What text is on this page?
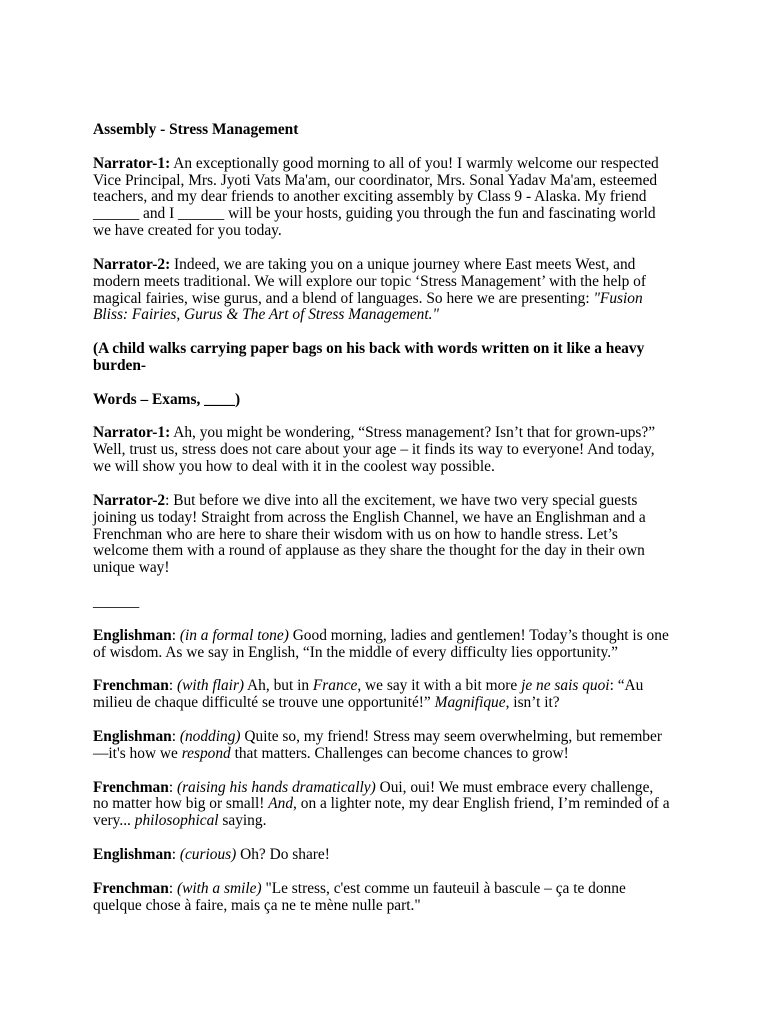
Assembly - Stress Management
Narrator-1: An exceptionally good morning to all of you! I warmly welcome our respected
Vice Principal, Mrs. Jyoti Vats Ma'am, our coordinator, Mrs. Sonal Yadav Ma'am, esteemed
teachers, and my dear friends to another exciting assembly by Class 9 - Alaska. My friend
______ and I ______ will be your hosts, guiding you through the fun and fascinating world
we have created for you today.
Narrator-2: Indeed, we are taking you on a unique journey where East meets West, and
modern meets traditional. We will explore our topic ‘Stress Management’ with the help of
magical fairies, wise gurus, and a blend of languages. So here we are presenting: "Fusion
Bliss: Fairies, Gurus & The Art of Stress Management."
(A child walks carrying paper bags on his back with words written on it like a heavy
burden-
Words – Exams, ____)
Narrator-1: Ah, you might be wondering, “Stress management? Isn’t that for grown-ups?”
Well, trust us, stress does not care about your age – it finds its way to everyone! And today,
we will show you how to deal with it in the coolest way possible.
Narrator-2: But before we dive into all the excitement, we have two very special guests
joining us today! Straight from across the English Channel, we have an Englishman and a
Frenchman who are here to share their wisdom with us on how to handle stress. Let’s
welcome them with a round of applause as they share the thought for the day in their own
unique way!
______
Englishman: (in a formal tone) Good morning, ladies and gentlemen! Today’s thought is one
of wisdom. As we say in English, “In the middle of every difficulty lies opportunity.”
Frenchman: (with flair) Ah, but in France, we say it with a bit more je ne sais quoi: “Au
milieu de chaque difficulté se trouve une opportunité!” Magnifique, isn’t it?
Englishman: (nodding) Quite so, my friend! Stress may seem overwhelming, but remember
—it's how we respond that matters. Challenges can become chances to grow!
Frenchman: (raising his hands dramatically) Oui, oui! We must embrace every challenge,
no matter how big or small! And, on a lighter note, my dear English friend, I’m reminded of a
very... philosophical saying.
Englishman: (curious) Oh? Do share!
Frenchman: (with a smile) "Le stress, c'est comme un fauteuil à bascule – ça te donne
quelque chose à faire, mais ça ne te mène nulle part."
